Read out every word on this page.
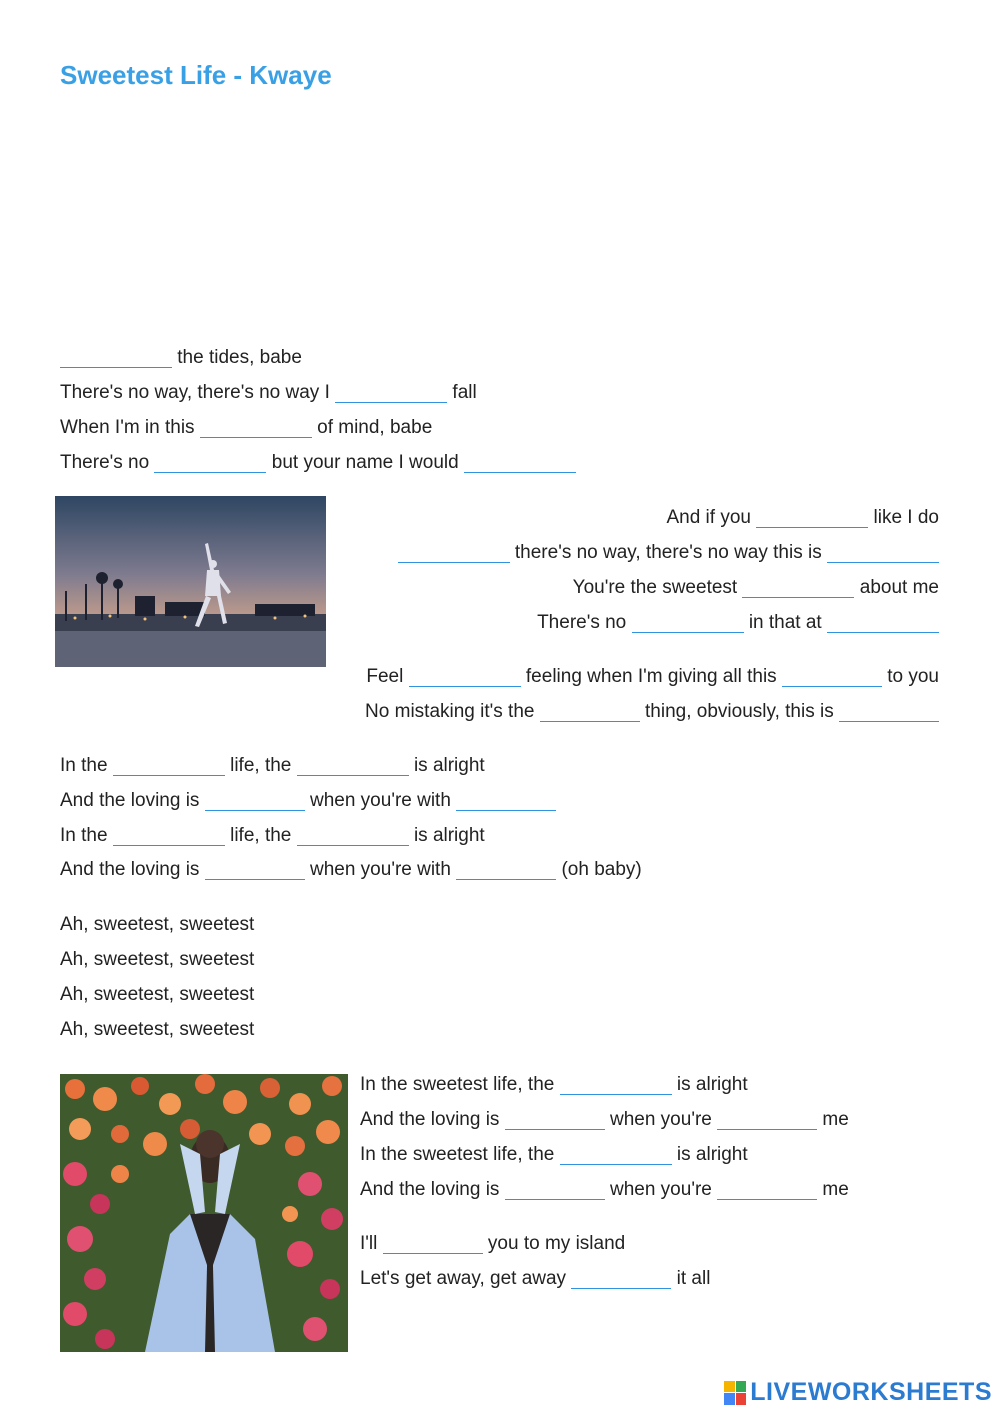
Sweetest Life - Kwaye
the tides, babe
There's no way, there's no way I	fall
When I'm in this	of mind, babe
There's no	but your name I would
And if you	like I do
there's no way, there's no way this is
You're the sweetest	about me
There's no	in that at
Feel	feeling when I'm giving all this	to you
No mistaking it's the	thing, obviously, this is
In the	life, the	is alright
And the loving is	when you're with
In the	life, the	is alright
And the loving is	when you're with	(oh baby)
Ah, sweetest, sweetest
Ah, sweetest, sweetest
Ah, sweetest, sweetest
Ah, sweetest, sweetest
In the sweetest life, the	is alright
And the loving is	when you're	me
In the sweetest life, the	is alright
And the loving is	when you're	me
I'll	you to my island
Let's get away, get away	it all
LIVEWORKSHEETS
